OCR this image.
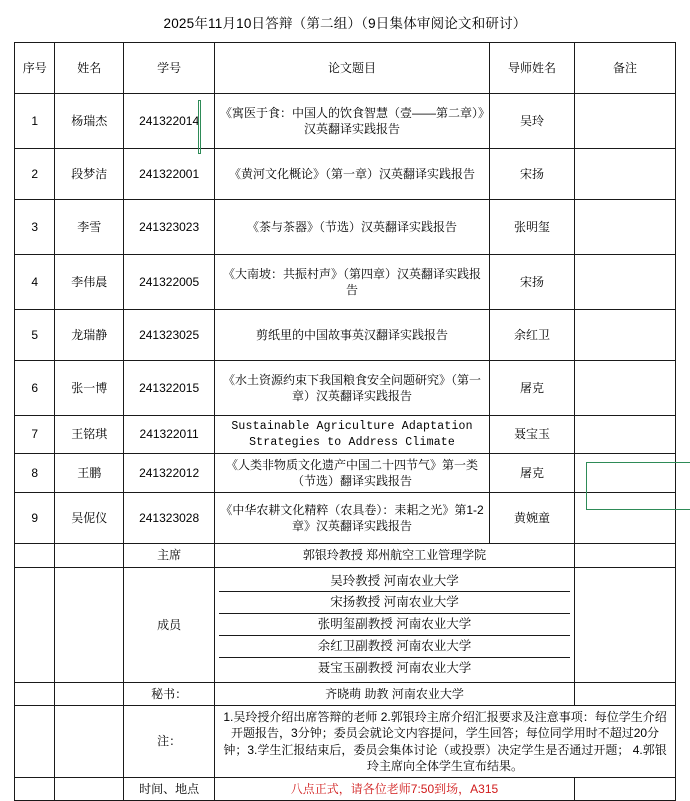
2025年11月10日答辩（第二组）（9日集体审阅论文和研讨）
序号	姓名	学号	论文题目	导师姓名	备注
1	杨瑞杰	241322014	《寓医于食：中国人的饮食智慧（壹——第二章）》汉英翻译实践报告	吴玲	
2	段梦洁	241322001	《黄河文化概论》（第一章）汉英翻译实践报告	宋扬	
3	李雪	241323023	《茶与茶器》（节选）汉英翻译实践报告	张明玺	
4	李伟晨	241322005	《大南坡：共振村声》（第四章）汉英翻译实践报告	宋扬	
5	龙瑞静	241323025	剪纸里的中国故事英汉翻译实践报告	余红卫	
6	张一博	241322015	《水土资源约束下我国粮食安全问题研究》（第一章）汉英翻译实践报告	屠克	
7	王铭琪	241322011	Sustainable Agriculture Adaptation Strategies to Address Climate	聂宝玉	
8	王鹏	241322012	《人类非物质文化遗产中国二十四节气》第一类（节选）翻译实践报告	屠克	
9	吴伲仪	241323028	《中华农耕文化精粹（农具卷）：耒耜之光》第1-2章》汉英翻译实践报告	黄婉童	
		主席	郭银玲教授 郑州航空工业管理学院		
		成员	吴玲教授 河南农业大学
宋扬教授 河南农业大学
张明玺副教授 河南农业大学
余红卫副教授 河南农业大学
聂宝玉副教授 河南农业大学		

		秘书：	齐晓萌 助教 河南农业大学		
		注：	1.吴玲授介绍出席答辩的老师 2.郭银玲主席介绍汇报要求及注意事项：每位学生介绍开题报告，3分钟；委员会就论文内容提问，学生回答；每位同学用时不超过20分钟；3.学生汇报结束后，委员会集体讨论（或投票）决定学生是否通过开题； 4.郭银玲主席向全体学生宣布结果。		
		时间、地点	八点正式，请各位老师7:50到场，A315		
